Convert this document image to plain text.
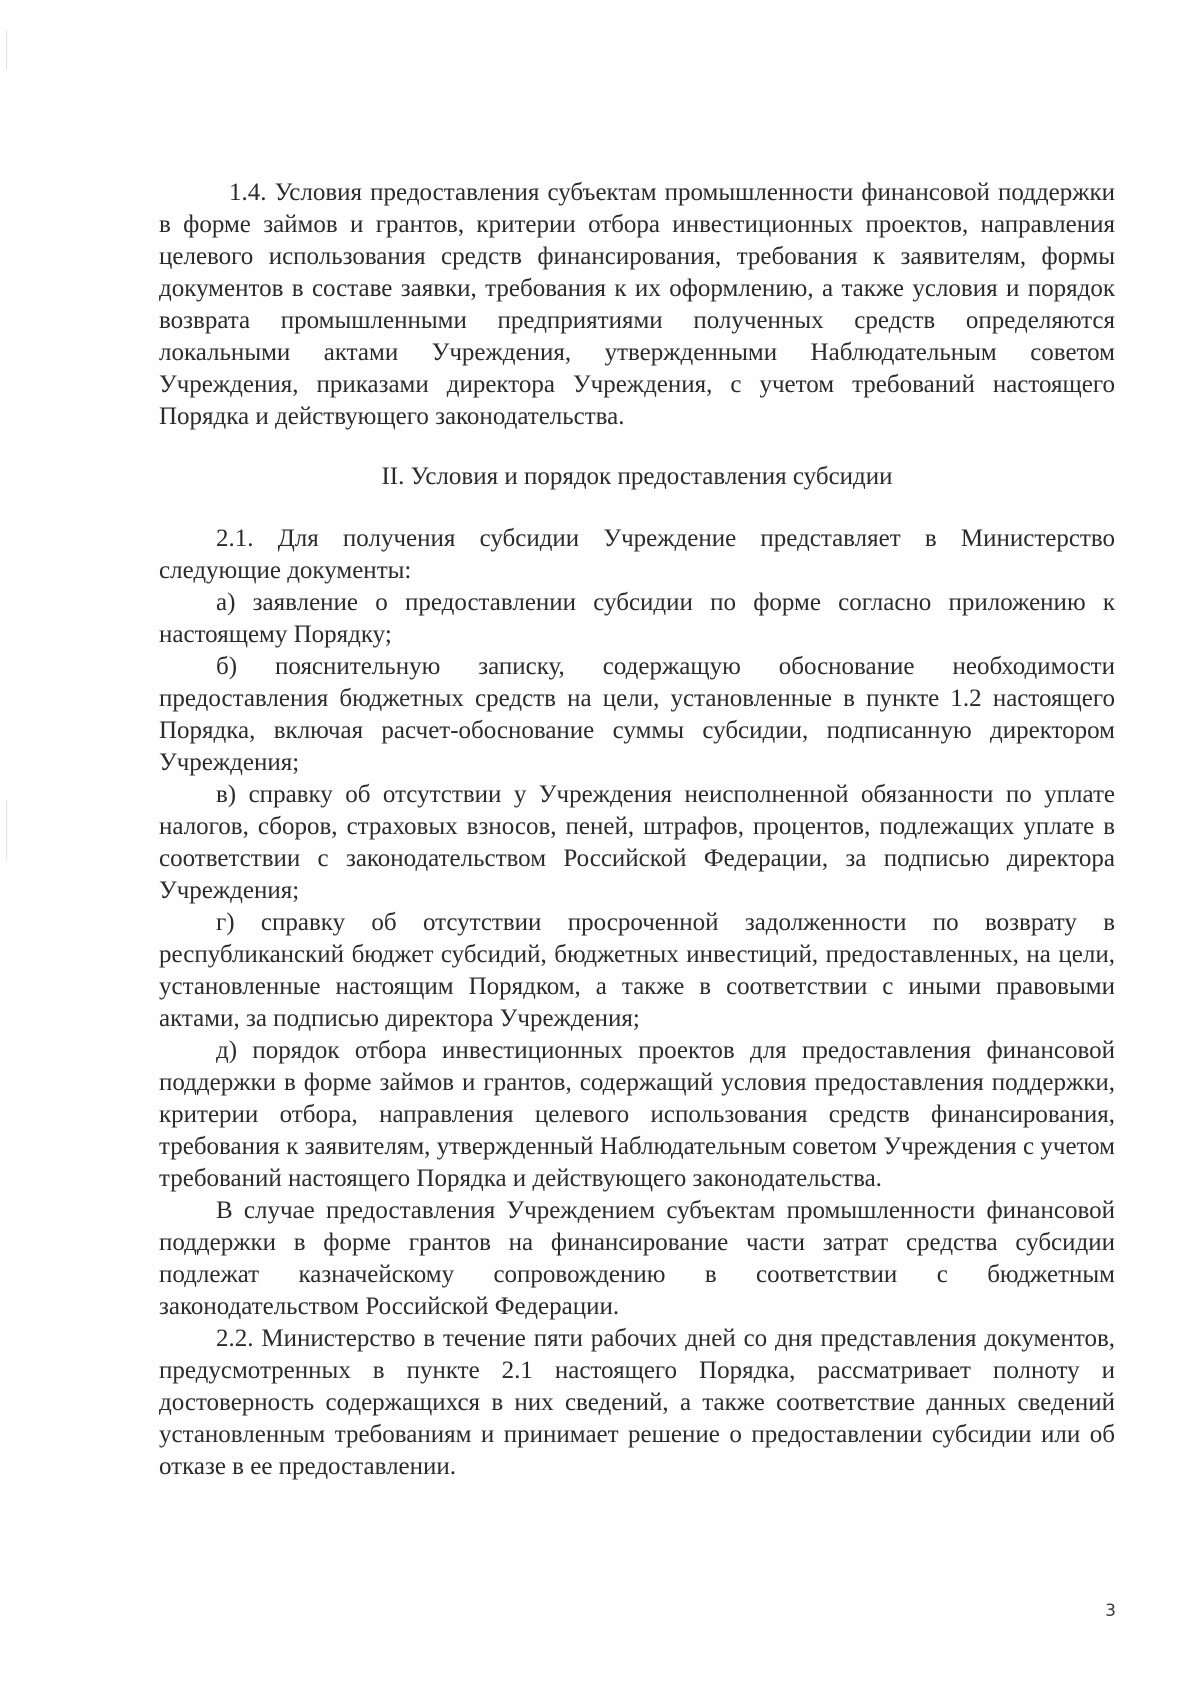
1.4. Условия предоставления субъектам промышленности финансовой поддержки в форме займов и грантов, критерии отбора инвестиционных проектов, направления целевого использования средств финансирования, требования к заявителям, формы документов в составе заявки, требования к их оформлению, а также условия и порядок возврата промышленными предприятиями полученных средств определяются локальными актами Учреждения, утвержденными Наблюдательным советом Учреждения, приказами директора Учреждения, с учетом требований настоящего Порядка и действующего законодательства.

II. Условия и порядок предоставления субсидии

2.1. Для получения субсидии Учреждение представляет в Министерство следующие документы:

а) заявление о предоставлении субсидии по форме согласно приложению к настоящему Порядку;

б) пояснительную записку, содержащую обоснование необходимости предоставления бюджетных средств на цели, установленные в пункте 1.2 настоящего Порядка, включая расчет-обоснование суммы субсидии, подписанную директором Учреждения;

в) справку об отсутствии у Учреждения неисполненной обязанности по уплате налогов, сборов, страховых взносов, пеней, штрафов, процентов, подлежащих уплате в соответствии с законодательством Российской Федерации, за подписью директора Учреждения;

г) справку об отсутствии просроченной задолженности по возврату в республиканский бюджет субсидий, бюджетных инвестиций, предоставленных, на цели, установленные настоящим Порядком, а также в соответствии с иными правовыми актами, за подписью директора Учреждения;

д) порядок отбора инвестиционных проектов для предоставления финансовой поддержки в форме займов и грантов, содержащий условия предоставления поддержки, критерии отбора, направления целевого использования средств финансирования, требования к заявителям, утвержденный Наблюдательным советом Учреждения с учетом требований настоящего Порядка и действующего законодательства.

В случае предоставления Учреждением субъектам промышленности финансовой поддержки в форме грантов на финансирование части затрат средства субсидии подлежат казначейскому сопровождению в соответствии с бюджетным законодательством Российской Федерации.

2.2. Министерство в течение пяти рабочих дней со дня представления документов, предусмотренных в пункте 2.1 настоящего Порядка, рассматривает полноту и достоверность содержащихся в них сведений, а также соответствие данных сведений установленным требованиям и принимает решение о предоставлении субсидии или об отказе в ее предоставлении.

3
